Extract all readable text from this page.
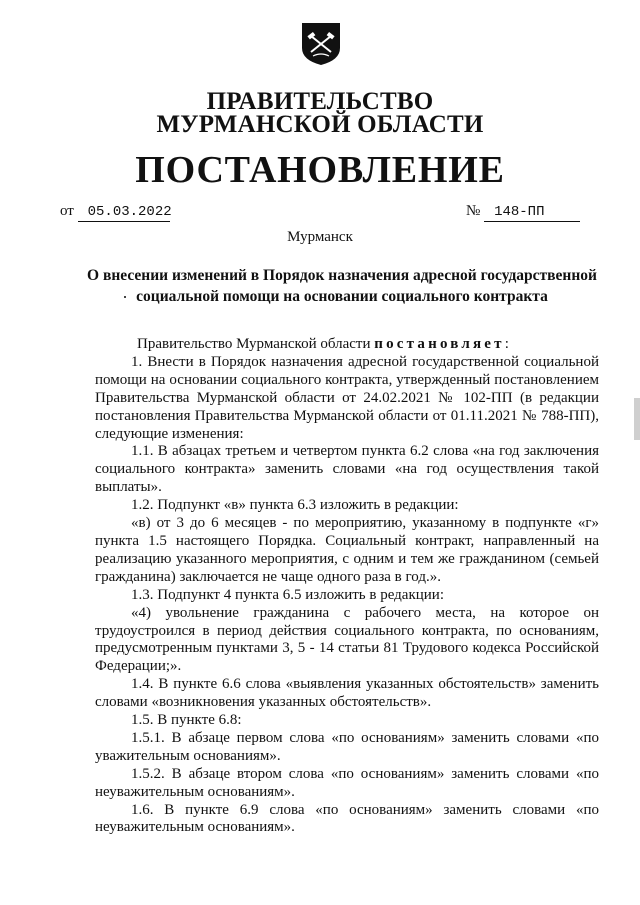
ПРАВИТЕЛЬСТВО
МУРМАНСКОЙ ОБЛАСТИ
ПОСТАНОВЛЕНИЕ
от 05.03.2022	№ 148-ПП
Мурманск
О внесении изменений в Порядок назначения адресной государственной социальной помощи на основании социального контракта

Правительство Мурманской области постановляет:

1. Внести в Порядок назначения адресной государственной социальной помощи на основании социального контракта, утвержденный постановлением Правительства Мурманской области от 24.02.2021 № 102-ПП (в редакции постановления Правительства Мурманской области от 01.11.2021 № 788-ПП), следующие изменения:

1.1. В абзацах третьем и четвертом пункта 6.2 слова «на год заключения социального контракта» заменить словами «на год осуществления такой выплаты».

1.2. Подпункт «в» пункта 6.3 изложить в редакции:

«в) от 3 до 6 месяцев - по мероприятию, указанному в подпункте «г» пункта 1.5 настоящего Порядка. Социальный контракт, направленный на реализацию указанного мероприятия, с одним и тем же гражданином (семьей гражданина) заключается не чаще одного раза в год.».

1.3. Подпункт 4 пункта 6.5 изложить в редакции:

«4) увольнение гражданина с рабочего места, на которое он трудоустроился в период действия социального контракта, по основаниям, предусмотренным пунктами 3, 5 - 14 статьи 81 Трудового кодекса Российской Федерации;».

1.4. В пункте 6.6 слова «выявления указанных обстоятельств» заменить словами «возникновения указанных обстоятельств».

1.5. В пункте 6.8:

1.5.1. В абзаце первом слова «по основаниям» заменить словами «по уважительным основаниям».

1.5.2. В абзаце втором слова «по основаниям» заменить словами «по неуважительным основаниям».

1.6. В пункте 6.9 слова «по основаниям» заменить словами «по неуважительным основаниям».
